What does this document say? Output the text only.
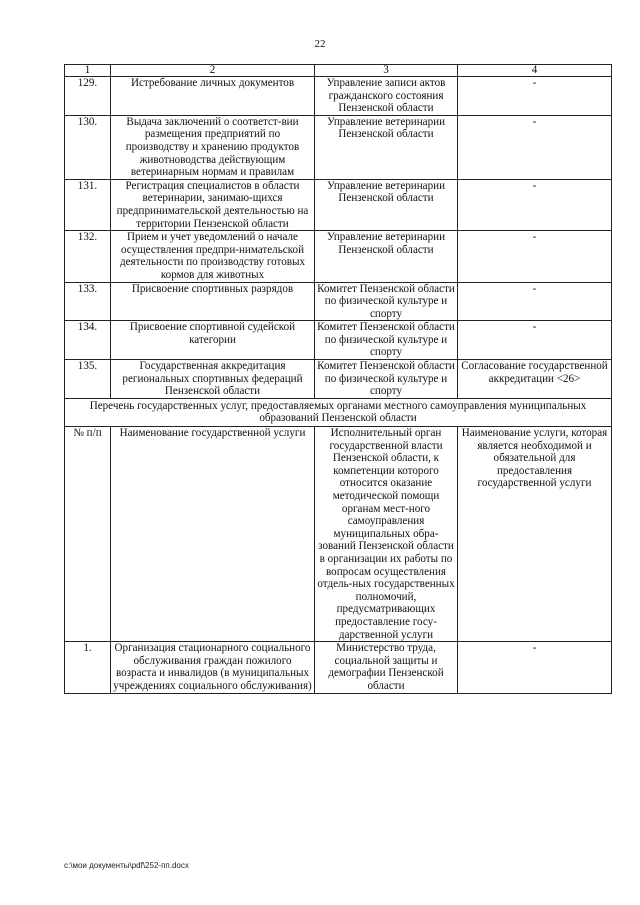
22
1	2	3	4
129.	Истребование личных документов	Управление записи актов гражданского состояния Пензенской области	-
130.	Выдача заключений о соответст-вии размещения предприятий по производству и хранению продуктов животноводства действующим ветеринарным нормам и правилам	Управление ветеринарии Пензенской области	-
131.	Регистрация специалистов в области ветеринарии, занимаю-щихся предпринимательской деятельностью на территории Пензенской области	Управление ветеринарии Пензенской области	-
132.	Прием и учет уведомлений о начале осуществления предпри-нимательской деятельности по производству готовых кормов для животных	Управление ветеринарии Пензенской области	-
133.	Присвоение спортивных разрядов	Комитет Пензенской области по физической культуре и спорту	-
134.	Присвоение спортивной судейской категории	Комитет Пензенской области по физической культуре и спорту	-
135.	Государственная аккредитация региональных спортивных федераций Пензенской области	Комитет Пензенской области по физической культуре и спорту	Согласование государственной аккредитации <26>
Перечень государственных услуг, предоставляемых органами местного самоуправления муниципальных образований Пензенской области			
№ п/п	Наименование государственной услуги	Исполнительный орган государственной власти Пензенской области, к компетенции которого относится оказание методической помощи органам мест-ного самоуправления муниципальных обра-зований Пензенской области в организации их работы по вопросам осуществления отдель-ных государственных полномочий, предусматривающих предоставление госу-дарственной услуги	Наименование услуги, которая является необходимой и обязательной для предоставления государственной услуги
1.	Организация стационарного социального обслуживания граждан пожилого возраста и инвалидов (в муниципальных учреждениях социального обслуживания)	Министерство труда, социальной защиты и демографии Пензенской области	-
c:\мои документы\pdf\252-пп.docx
